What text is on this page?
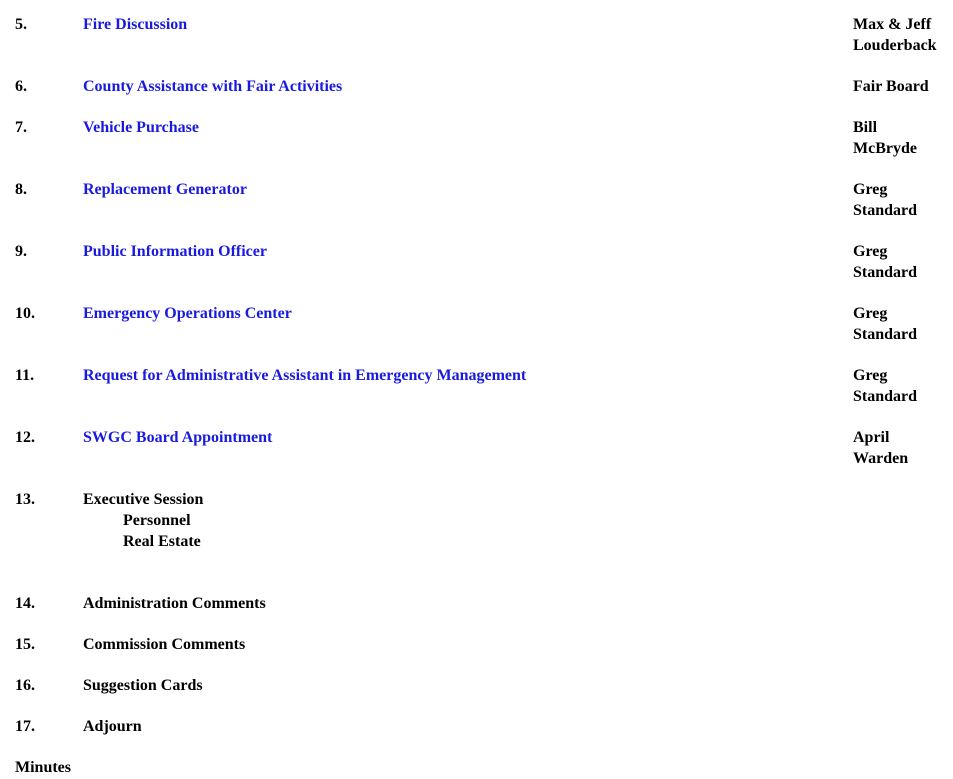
5.	Fire Discussion	Max & Jeff
Louderback
6.	County Assistance with Fair Activities	Fair Board
7.	Vehicle Purchase	Bill
McBryde
8.	Replacement Generator	Greg
Standard
9.	Public Information Officer	Greg
Standard
10.	Emergency Operations Center	Greg
Standard
11.	Request for Administrative Assistant in Emergency Management	Greg
Standard
12.	SWGC Board Appointment	April
Warden
13.	Executive Session
Personnel
Real Estate
14.	Administration Comments
15.	Commission Comments
16.	Suggestion Cards
17.	Adjourn
Minutes
